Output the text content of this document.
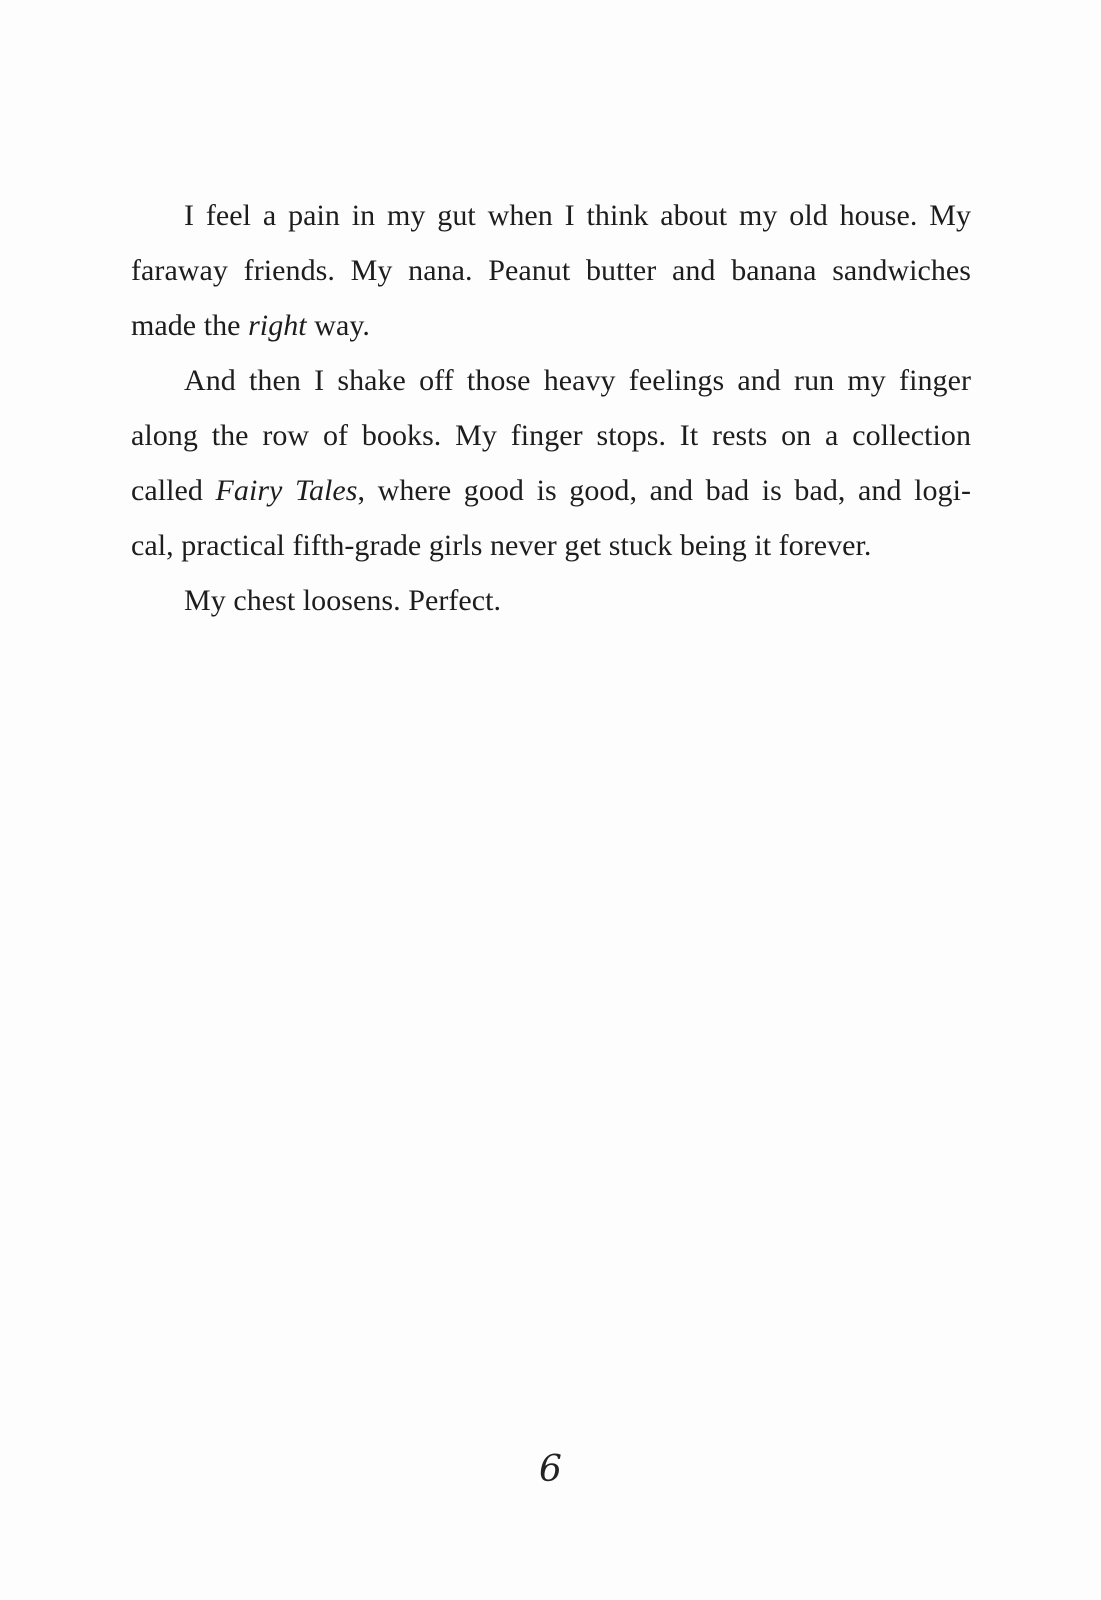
I feel a pain in my gut when I think about my old house. My
faraway friends. My nana. Peanut butter and banana sandwiches
made the right way.
And then I shake off those heavy feelings and run my finger
along the row of books. My finger stops. It rests on a collection
called Fairy Tales, where good is good, and bad is bad, and logi-
cal, practical fifth-grade girls never get stuck being it forever.
My chest loosens. Perfect.
6
